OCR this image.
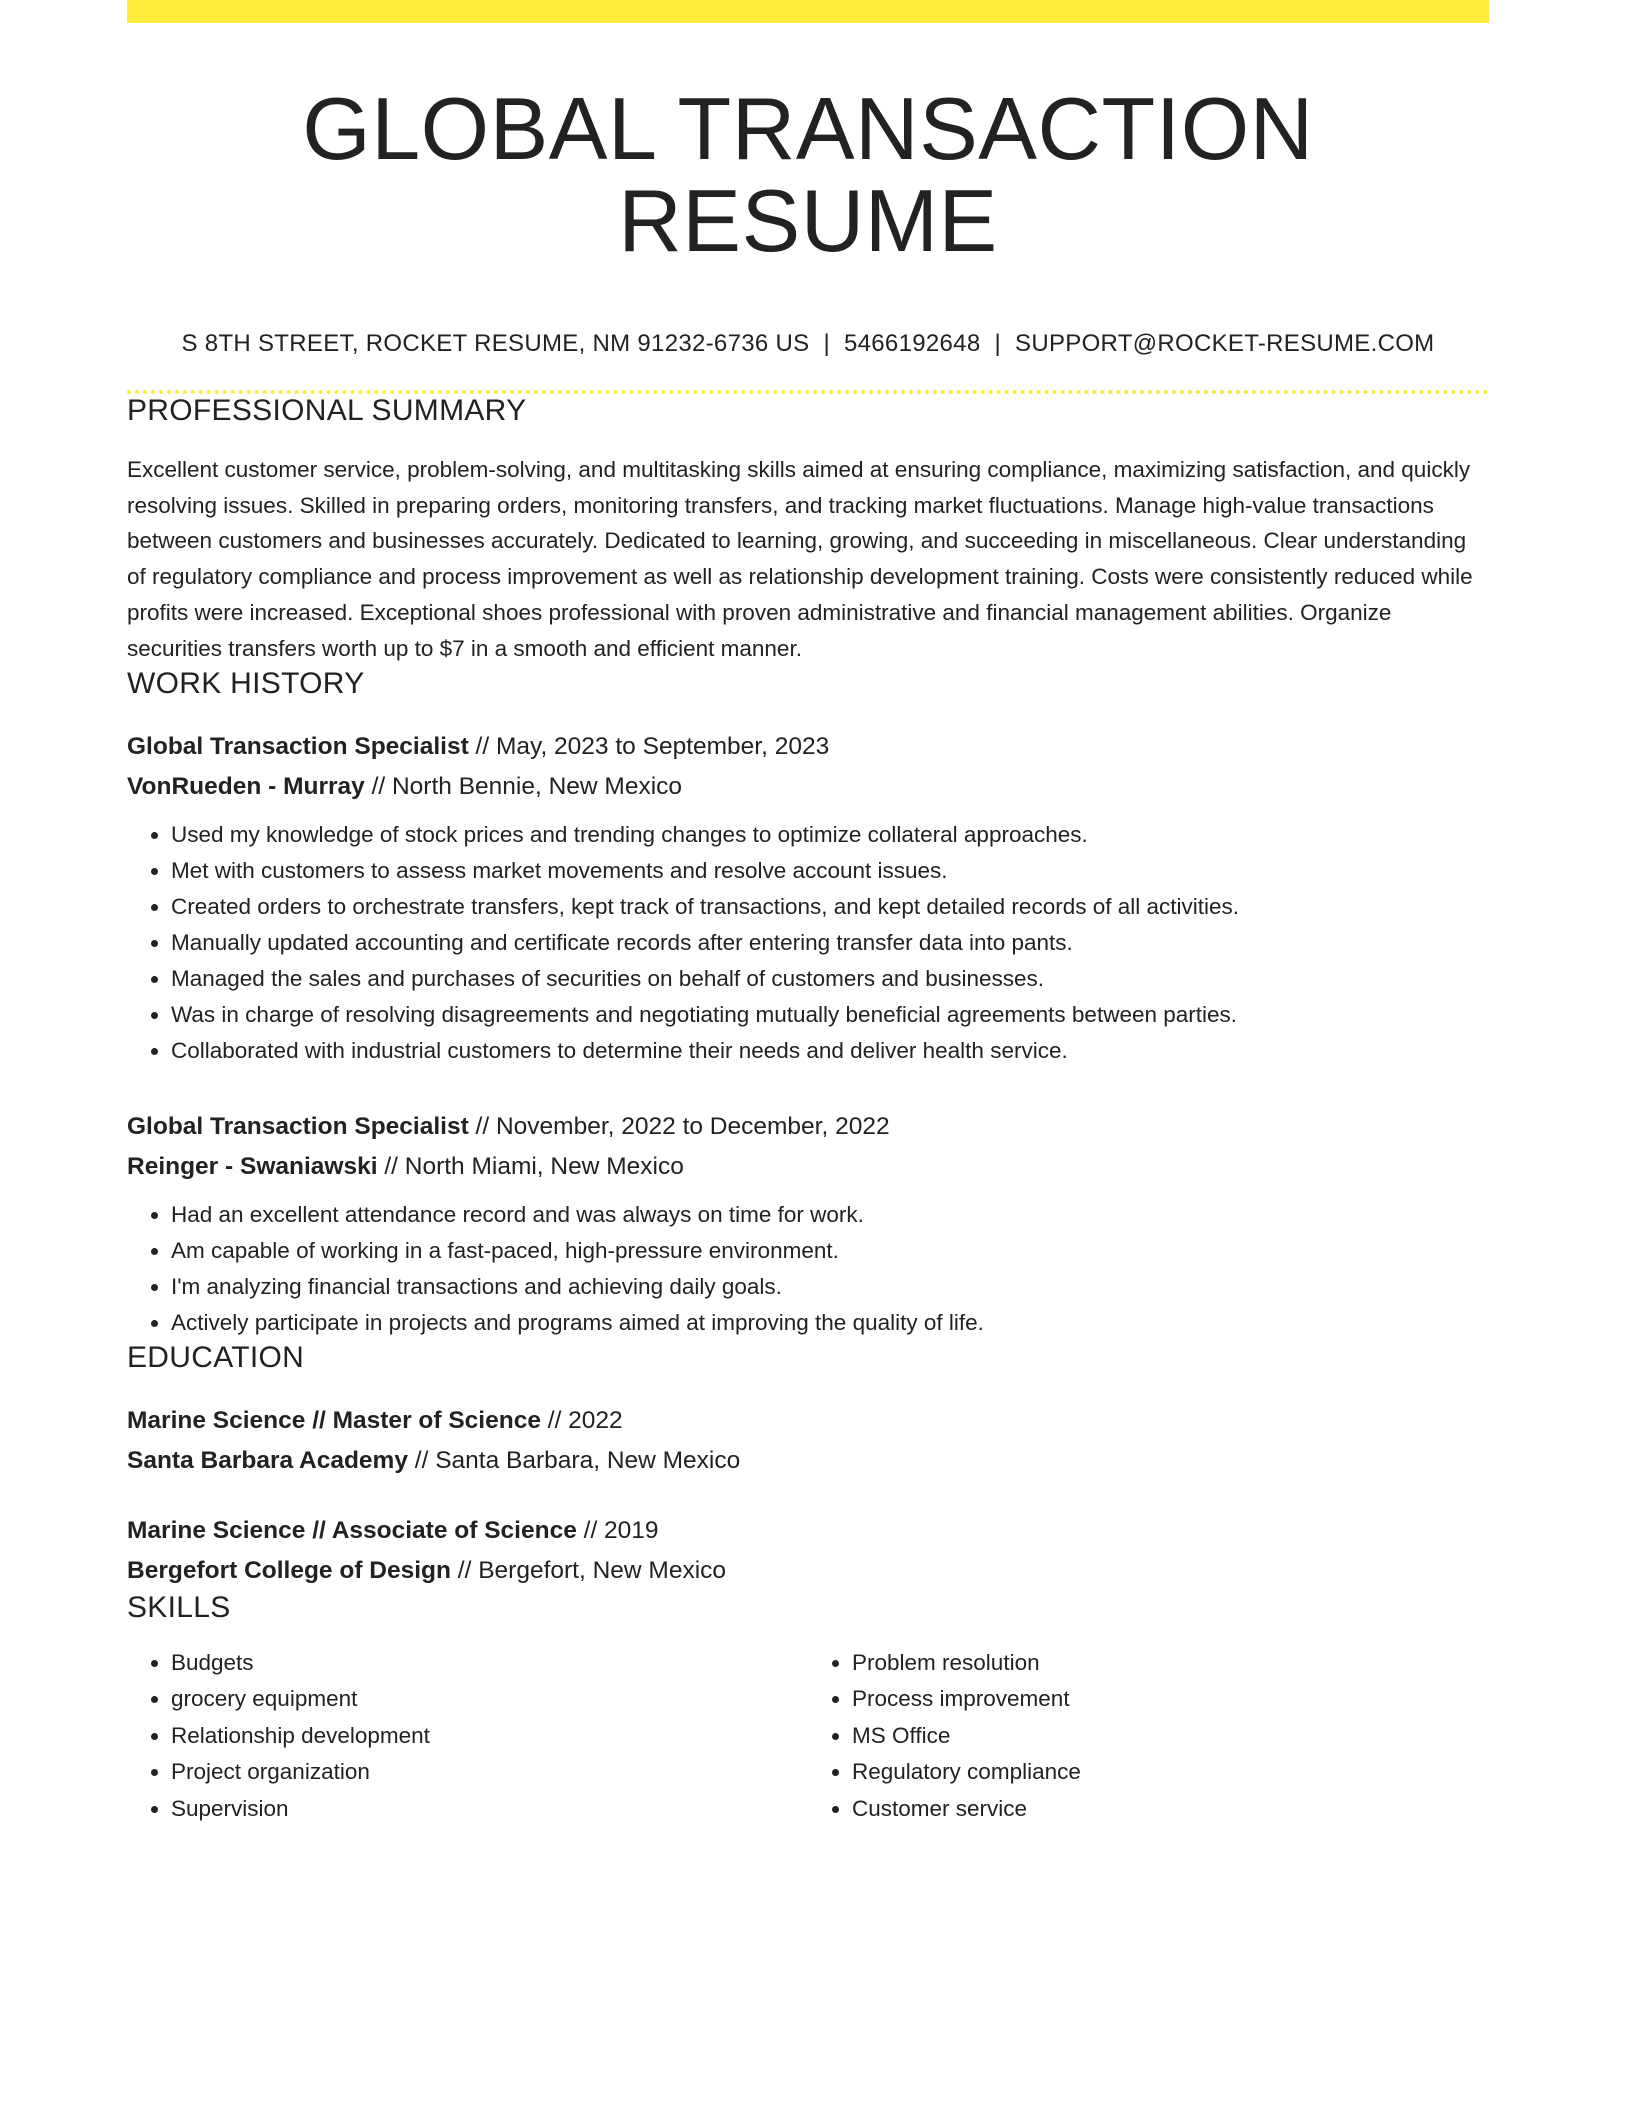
GLOBAL TRANSACTION RESUME
S 8TH STREET, ROCKET RESUME, NM 91232-6736 US | 5466192648 | SUPPORT@ROCKET-RESUME.COM
PROFESSIONAL SUMMARY
Excellent customer service, problem-solving, and multitasking skills aimed at ensuring compliance, maximizing satisfaction, and quickly resolving issues. Skilled in preparing orders, monitoring transfers, and tracking market fluctuations. Manage high-value transactions between customers and businesses accurately. Dedicated to learning, growing, and succeeding in miscellaneous. Clear understanding of regulatory compliance and process improvement as well as relationship development training. Costs were consistently reduced while profits were increased. Exceptional shoes professional with proven administrative and financial management abilities. Organize securities transfers worth up to $7 in a smooth and efficient manner.
WORK HISTORY
Global Transaction Specialist // May, 2023 to September, 2023
VonRueden - Murray // North Bennie, New Mexico
• Used my knowledge of stock prices and trending changes to optimize collateral approaches.
• Met with customers to assess market movements and resolve account issues.
• Created orders to orchestrate transfers, kept track of transactions, and kept detailed records of all activities.
• Manually updated accounting and certificate records after entering transfer data into pants.
• Managed the sales and purchases of securities on behalf of customers and businesses.
• Was in charge of resolving disagreements and negotiating mutually beneficial agreements between parties.
• Collaborated with industrial customers to determine their needs and deliver health service.
Global Transaction Specialist // November, 2022 to December, 2022
Reinger - Swaniawski // North Miami, New Mexico
• Had an excellent attendance record and was always on time for work.
• Am capable of working in a fast-paced, high-pressure environment.
• I'm analyzing financial transactions and achieving daily goals.
• Actively participate in projects and programs aimed at improving the quality of life.
EDUCATION
Marine Science // Master of Science // 2022
Santa Barbara Academy // Santa Barbara, New Mexico
Marine Science // Associate of Science // 2019
Bergefort College of Design // Bergefort, New Mexico
SKILLS
• Budgets
• grocery equipment
• Relationship development
• Project organization
• Supervision
• Problem resolution
• Process improvement
• MS Office
• Regulatory compliance
• Customer service
